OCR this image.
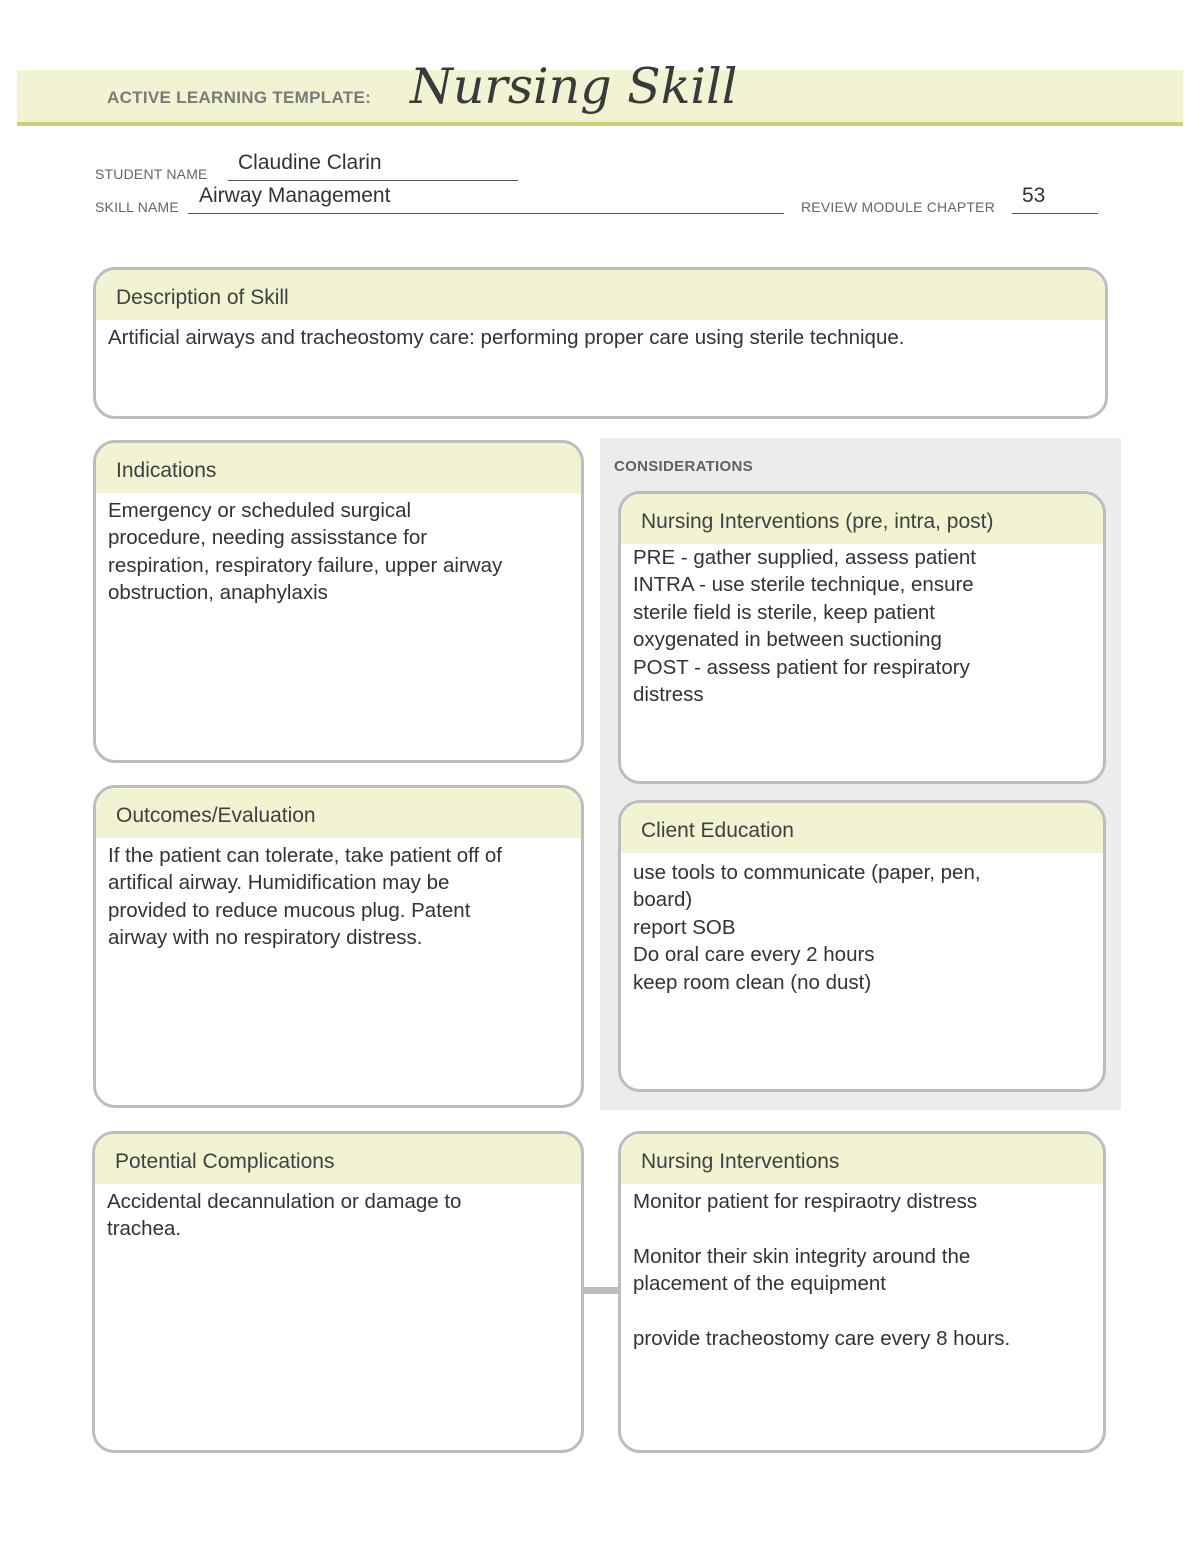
ACTIVE LEARNING TEMPLATE: Nursing Skill
STUDENT NAME Claudine Clarin
SKILL NAME Airway Management	REVIEW MODULE CHAPTER 53
Description of Skill
Artificial airways and tracheostomy care: performing proper care using sterile technique.
Indications
Emergency or scheduled surgical
procedure, needing assisstance for
respiration, respiratory failure, upper airway
obstruction, anaphylaxis
Outcomes/Evaluation
If the patient can tolerate, take patient off of
artifical airway. Humidification may be
provided to reduce mucous plug. Patent
airway with no respiratory distress.
CONSIDERATIONS
Nursing Interventions (pre, intra, post)
PRE - gather supplied, assess patient
INTRA - use sterile technique, ensure
sterile field is sterile, keep patient
oxygenated in between suctioning
POST - assess patient for respiratory
distress
Client Education
use tools to communicate (paper, pen,
board)
report SOB
Do oral care every 2 hours
keep room clean (no dust)
Potential Complications
Accidental decannulation or damage to
trachea.
Nursing Interventions
Monitor patient for respiraotry distress

Monitor their skin integrity around the
placement of the equipment

provide tracheostomy care every 8 hours.
